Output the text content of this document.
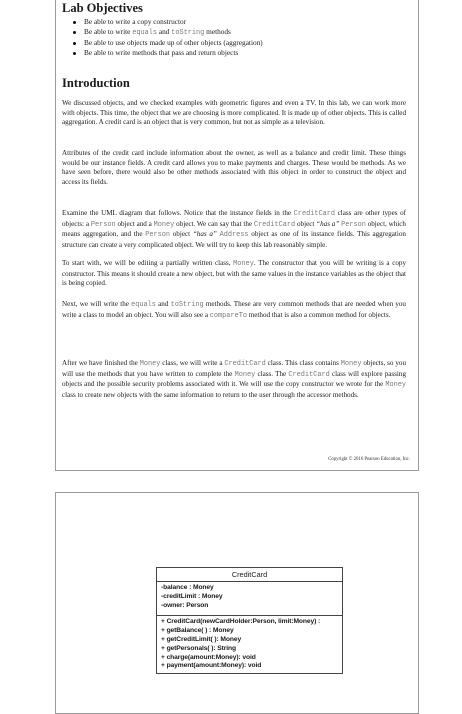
Lab Objectives
Be able to write a copy constructor
Be able to write equals and toString methods
Be able to use objects made up of other objects (aggregation)
Be able to write methods that pass and return objects
Introduction

We discussed objects, and we checked examples with geometric figures and even a TV. In this lab, we can work more with objects. This time, the object that we are choosing is more complicated. It is made up of other objects. This is called aggregation. A credit card is an object that is very common, but not as simple as a television.

Attributes of the credit card include information about the owner, as well as a balance and credit limit. These things would be our instance fields. A credit card allows you to make payments and charges. These would be methods. As we have seen before, there would also be other methods associated with this object in order to construct the object and access its fields.

Examine the UML diagram that follows. Notice that the instance fields in the CreditCard class are other types of objects: a Person object and a Money object. We can say that the CreditCard object “has a” Person object, which means aggregation, and the Person object “has a” Address object as one of its instance fields. This aggregation structure can create a very complicated object. We will try to keep this lab reasonably simple.

To start with, we will be editing a partially written class, Money. The constructor that you will be writing is a copy constructor. This means it should create a new object, but with the same values in the instance variables as the object that is being copied.

Next, we will write the equals and toString methods. These are very common methods that are needed when you write a class to model an object. You will also see a compareTo method that is also a common method for objects.

After we have finished the Money class, we will write a CreditCard class. This class contains Money objects, so you will use the methods that you have written to complete the Money class. The CreditCard class will explore passing objects and the possible security problems associated with it. We will use the copy constructor we wrote for the Money class to create new objects with the same information to return to the user through the accessor methods.

Copyright © 2016 Pearson Education, Inc.
CreditCard
-balance : Money
-creditLimit : Money
-owner: Person
+ CreditCard(newCardHolder:Person, limit:Money) :
+ getBalance( ) : Money
+ getCreditLimit( ): Money
+ getPersonals( ): String
+ charge(amount:Money): void
+ payment(amount:Money): void
